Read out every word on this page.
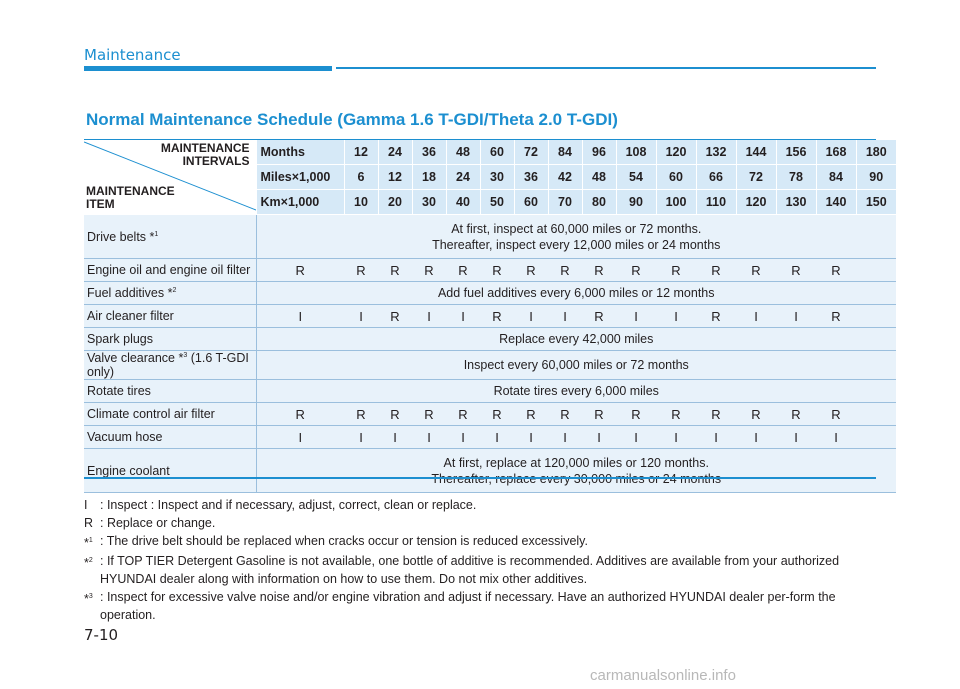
Maintenance
Normal Maintenance Schedule (Gamma 1.6 T-GDI/Theta 2.0 T-GDI)
MAINTENANCE
INTERVALS
MAINTENANCE
ITEM	Months	12	24	36	48	60	72	84	96	108	120	132	144	156	168	180
	Miles×1,000	6	12	18	24	30	36	42	48	54	60	66	72	78	84	90
	Km×1,000	10	20	30	40	50	60	70	80	90	100	110	120	130	140	150
Drive belts *$^1$	At first, inspect at 60,000 miles or 72 months.
Thereafter, inspect every 12,000 miles or 24 months															

Engine oil and engine oil filter	R	R	R	R	R	R	R	R	R	R	R	R	R	R	R	
Fuel additives *$^2$	Add fuel additives every 6,000 miles or 12 months															
Air cleaner filter	I	I	R	I	I	R	I	I	R	I	I	R	I	I	R	
Spark plugs	Replace every 42,000 miles															
Valve clearance *$^3$ (1.6 T-GDI only)	Inspect every 60,000 miles or 72 months															
Rotate tires	Rotate tires every 6,000 miles															
Climate control air filter	R	R	R	R	R	R	R	R	R	R	R	R	R	R	R	
Vacuum hose	I	I	I	I	I	I	I	I	I	I	I	I	I	I	I	
Engine coolant	At first, replace at 120,000 miles or 120 months.															
I	: Inspect : Inspect and if necessary, adjust, correct, clean or replace.
R : Replace or change.
*$^1$ : The drive belt should be replaced when cracks occur or tension is reduced excessively.
*$^2$ : If TOP TIER Detergent Gasoline is not available, one bottle of additive is recommended. Additives are available from your authorized HYUNDAI dealer along with information on how to use them. Do not mix other additives.
*$^3$ : Inspect for excessive valve noise and/or engine vibration and adjust if necessary. Have an authorized HYUNDAI dealer per-form the operation.
7-10
carmanualsonline.info
